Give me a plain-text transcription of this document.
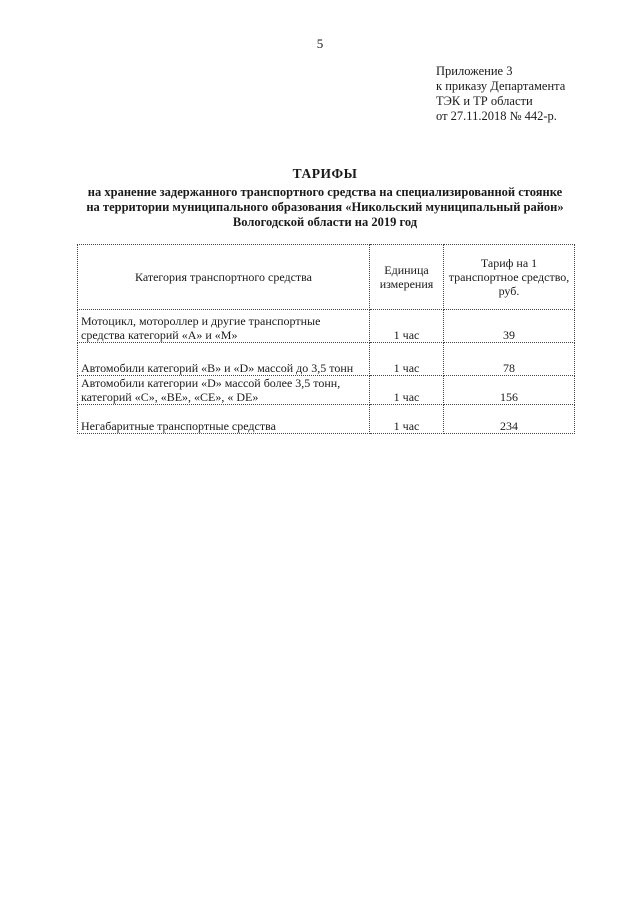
5
Приложение 3
к приказу Департамента
ТЭК и ТР области
от 27.11.2018 № 442-р.
ТАРИФЫ
на хранение задержанного транспортного средства на специализированной стоянке
на территории муниципального образования «Никольский муниципальный район»
Вологодской области на 2019 год
Категория транспортного средства	Единица измерения	Тариф на 1 транспортное средство, руб.
Мотоцикл, мотороллер и другие транспортные средства категорий «А» и «М»	1 час	39
Автомобили категорий «В» и «D» массой до 3,5 тонн	1 час	78
Автомобили категории «D» массой более 3,5 тонн, категорий «С», «ВЕ», «СЕ», « DE»	1 час	156
Негабаритные транспортные средства	1 час	234
